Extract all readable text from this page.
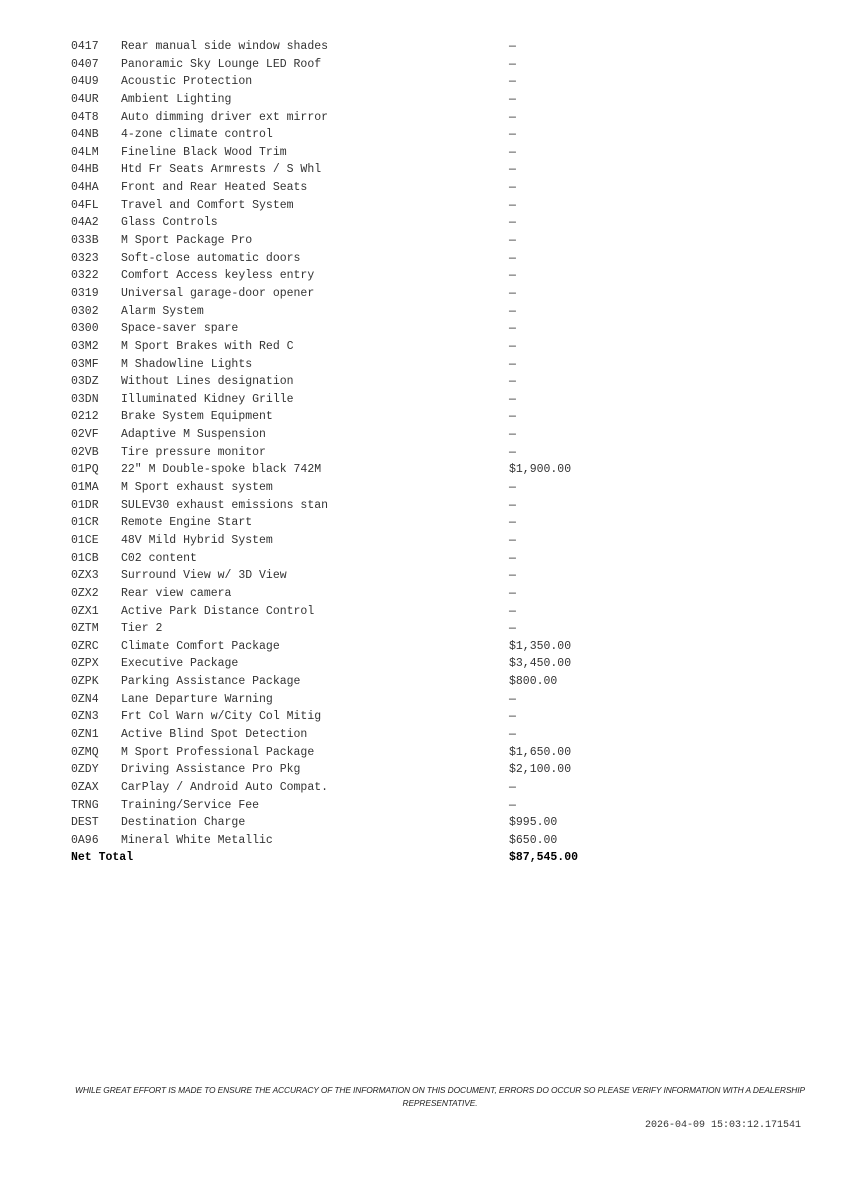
0417	Rear manual side window shades	—
0407	Panoramic Sky Lounge LED Roof	—
04U9	Acoustic Protection	—
04UR	Ambient Lighting	—
04T8	Auto dimming driver ext mirror	—
04NB	4-zone climate control	—
04LM	Fineline Black Wood Trim	—
04HB	Htd Fr Seats Armrests / S Whl	—
04HA	Front and Rear Heated Seats	—
04FL	Travel and Comfort System	—
04A2	Glass Controls	—
033B	M Sport Package Pro	—
0323	Soft-close automatic doors	—
0322	Comfort Access keyless entry	—
0319	Universal garage-door opener	—
0302	Alarm System	—
0300	Space-saver spare	—
03M2	M Sport Brakes with Red C	—
03MF	M Shadowline Lights	—
03DZ	Without Lines designation	—
03DN	Illuminated Kidney Grille	—
0212	Brake System Equipment	—
02VF	Adaptive M Suspension	—
02VB	Tire pressure monitor	—
01PQ	22" M Double-spoke black 742M	$1,900.00
01MA	M Sport exhaust system	—
01DR	SULEV30 exhaust emissions stan	—
01CR	Remote Engine Start	—
01CE	48V Mild Hybrid System	—
01CB	C02 content	—
0ZX3	Surround View w/ 3D View	—
0ZX2	Rear view camera	—
0ZX1	Active Park Distance Control	—
0ZTM	Tier 2	—
0ZRC	Climate Comfort Package	$1,350.00
0ZPX	Executive Package	$3,450.00
0ZPK	Parking Assistance Package	$800.00
0ZN4	Lane Departure Warning	—
0ZN3	Frt Col Warn w/City Col Mitig	—
0ZN1	Active Blind Spot Detection	—
0ZMQ	M Sport Professional Package	$1,650.00
0ZDY	Driving Assistance Pro Pkg	$2,100.00
0ZAX	CarPlay / Android Auto Compat.	—
TRNG	Training/Service Fee	—
DEST	Destination Charge	$995.00
0A96	Mineral White Metallic	$650.00
Net Total	$87,545.00
WHILE GREAT EFFORT IS MADE TO ENSURE THE ACCURACY OF THE INFORMATION ON THIS DOCUMENT, ERRORS DO OCCUR SO PLEASE VERIFY INFORMATION WITH A DEALERSHIP REPRESENTATIVE.
2026-04-09 15:03:12.171541
